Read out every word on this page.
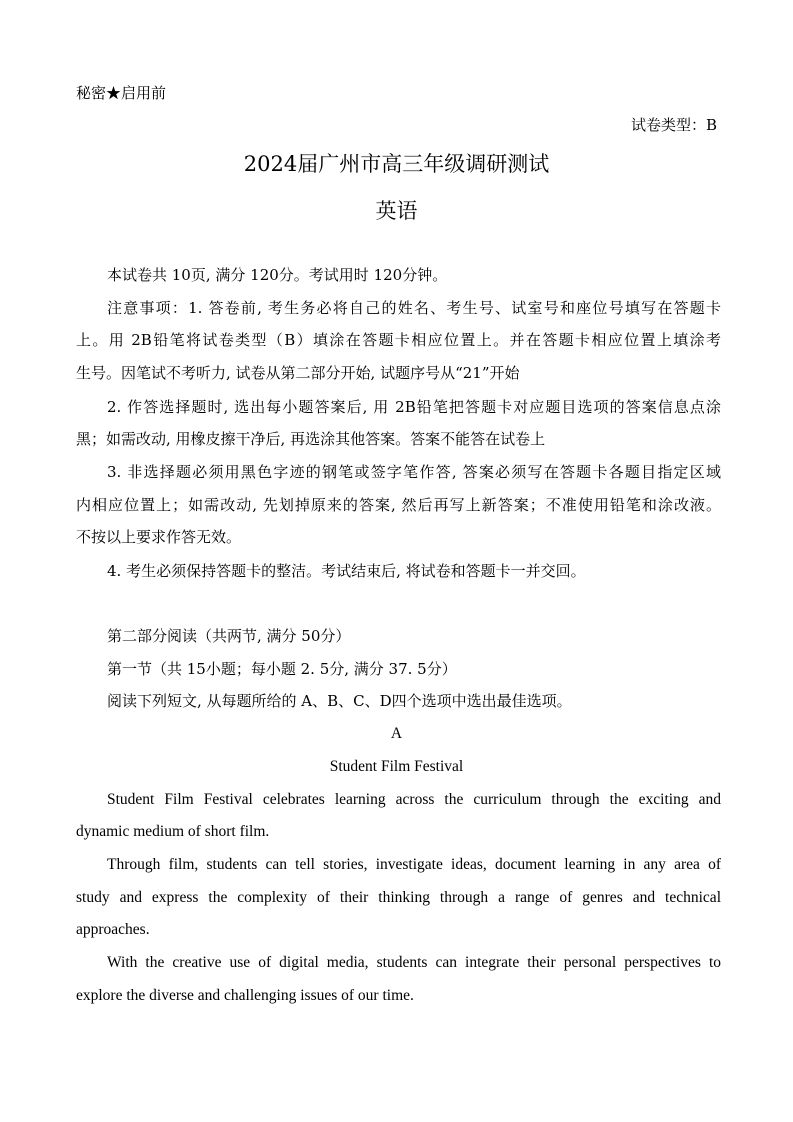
秘密★启用前
试卷类型：B
2024届广州市高三年级调研测试
英语
本试卷共 10页, 满分 120分。考试用时 120分钟。
注意事项：1. 答卷前, 考生务必将自己的姓名、考生号、试室号和座位号填写在答题卡
上。用 2B铅笔将试卷类型（B）填涂在答题卡相应位置上。并在答题卡相应位置上填涂考
生号。因笔试不考听力, 试卷从第二部分开始, 试题序号从“21”开始
2. 作答选择题时, 选出每小题答案后, 用 2B铅笔把答题卡对应题目选项的答案信息点涂
黑；如需改动, 用橡皮擦干净后, 再选涂其他答案。答案不能答在试卷上
3. 非选择题必须用黑色字迹的钢笔或签字笔作答, 答案必须写在答题卡各题目指定区域
内相应位置上；如需改动, 先划掉原来的答案, 然后再写上新答案；不准使用铅笔和涂改液。
不按以上要求作答无效。
4. 考生必须保持答题卡的整洁。考试结束后, 将试卷和答题卡一并交回。
第二部分阅读（共两节, 满分 50分）
第一节（共 15小题；每小题 2. 5分, 满分 37. 5分）
阅读下列短文, 从每题所给的 A、B、C、D四个选项中选出最佳选项。
A
Student Film Festival
Student Film Festival celebrates learning across the curriculum through the exciting and
dynamic medium of short film.
Through film, students can tell stories, investigate ideas, document learning in any area of
study and express the complexity of their thinking through a range of genres and technical
approaches.
With the creative use of digital media, students can integrate their personal perspectives to
explore the diverse and challenging issues of our time.
